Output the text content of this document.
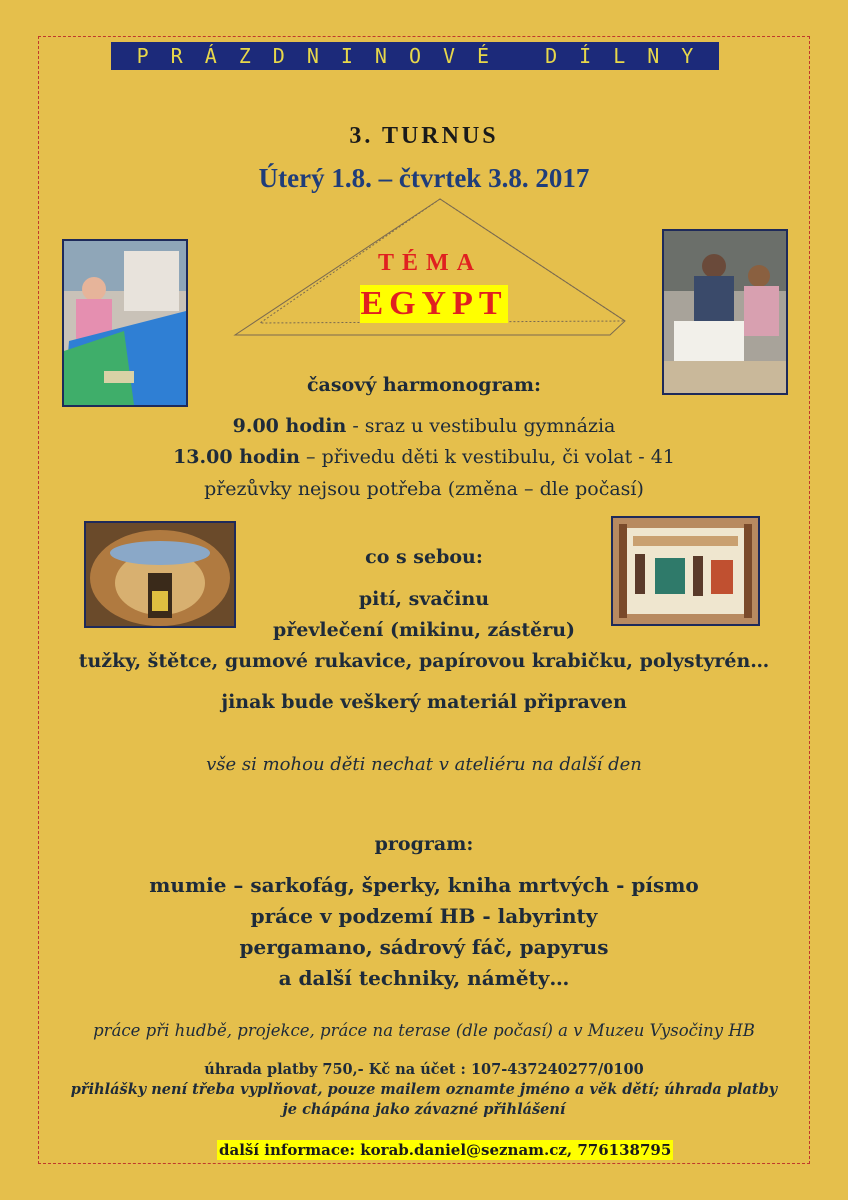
PRÁZDNINOVÉ DÍLNY
3. TURNUS
Úterý 1.8. – čtvrtek 3.8. 2017
TÉMA
EGYPT
časový harmonogram:
9.00 hodin - sraz u vestibulu gymnázia
13.00 hodin – přivedu děti k vestibulu, či volat - 41
přezůvky nejsou potřeba (změna – dle počasí)
co s sebou:
pití, svačinu
převlečení (mikinu, zástěru)
tužky, štětce, gumové rukavice, papírovou krabičku, polystyrén…
jinak bude veškerý materiál připraven
vše si mohou děti nechat v ateliéru na další den
program:
mumie – sarkofág, šperky, kniha mrtvých - písmo
práce v podzemí HB - labyrinty
pergamano, sádrový fáč, papyrus
a další techniky, náměty…
práce při hudbě, projekce, práce na terase (dle počasí) a v Muzeu Vysočiny HB
úhrada platby 750,- Kč na účet : 107-437240277/0100
přihlášky není třeba vyplňovat, pouze mailem oznamte jméno a věk dětí; úhrada platby
je chápána jako závazné přihlášení
další informace: korab.daniel@seznam.cz, 776138795
